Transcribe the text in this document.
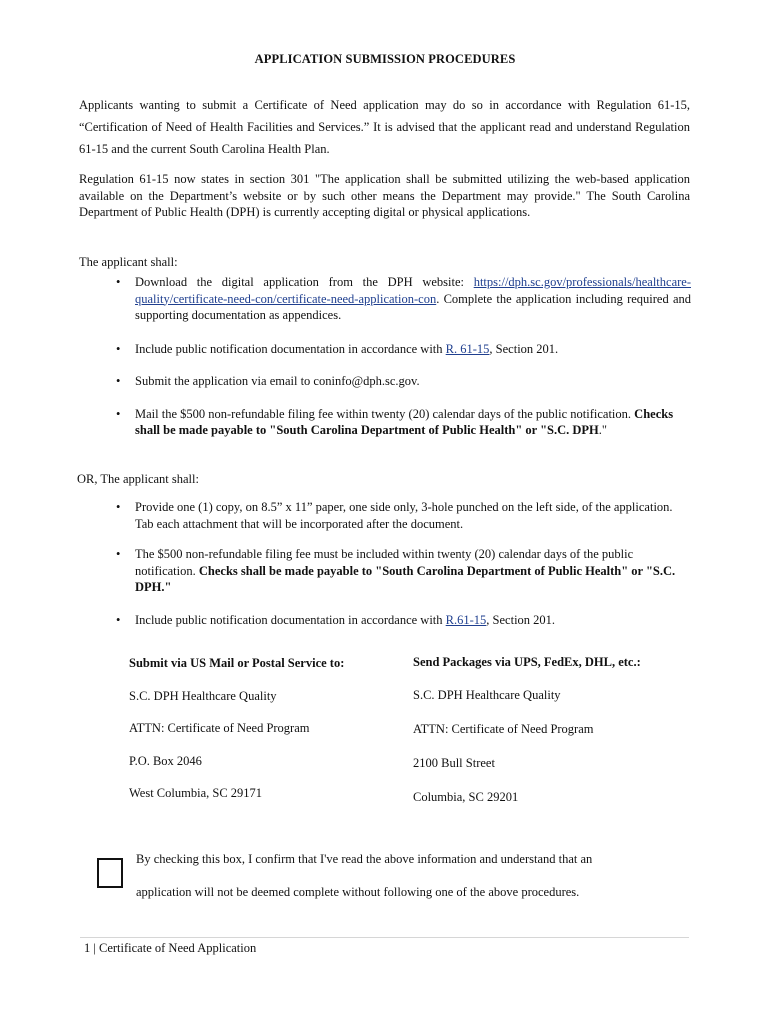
APPLICATION SUBMISSION PROCEDURES
Applicants wanting to submit a Certificate of Need application may do so in accordance with Regulation 61-15, “Certification of Need of Health Facilities and Services.” It is advised that the applicant read and understand Regulation 61-15 and the current South Carolina Health Plan.
Regulation 61-15 now states in section 301 "The application shall be submitted utilizing the web-based application available on the Department’s website or by such other means the Department may provide." The South Carolina Department of Public Health (DPH) is currently accepting digital or physical applications.
The applicant shall:
• Download the digital application from the DPH website: https://dph.sc.gov/professionals/healthcare-quality/certificate-need-con/certificate-need-application-con. Complete the application including required and supporting documentation as appendices.
• Include public notification documentation in accordance with R. 61-15, Section 201.
• Submit the application via email to coninfo@dph.sc.gov.
• Mail the $500 non-refundable filing fee within twenty (20) calendar days of the public notification. Checks shall be made payable to "South Carolina Department of Public Health" or "S.C. DPH."
OR, The applicant shall:
• Provide one (1) copy, on 8.5” x 11” paper, one side only, 3-hole punched on the left side, of the application. Tab each attachment that will be incorporated after the document.
• The $500 non-refundable filing fee must be included within twenty (20) calendar days of the public notification. Checks shall be made payable to "South Carolina Department of Public Health" or "S.C. DPH."
• Include public notification documentation in accordance with R.61-15, Section 201.
Submit via US Mail or Postal Service to:
S.C. DPH Healthcare Quality
ATTN: Certificate of Need Program
P.O. Box 2046
West Columbia, SC 29171
Send Packages via UPS, FedEx, DHL, etc.:
S.C. DPH Healthcare Quality
ATTN: Certificate of Need Program
2100 Bull Street
Columbia, SC 29201
By checking this box, I confirm that I've read the above information and understand that an
application will not be deemed complete without following one of the above procedures.
1 | Certificate of Need Application
